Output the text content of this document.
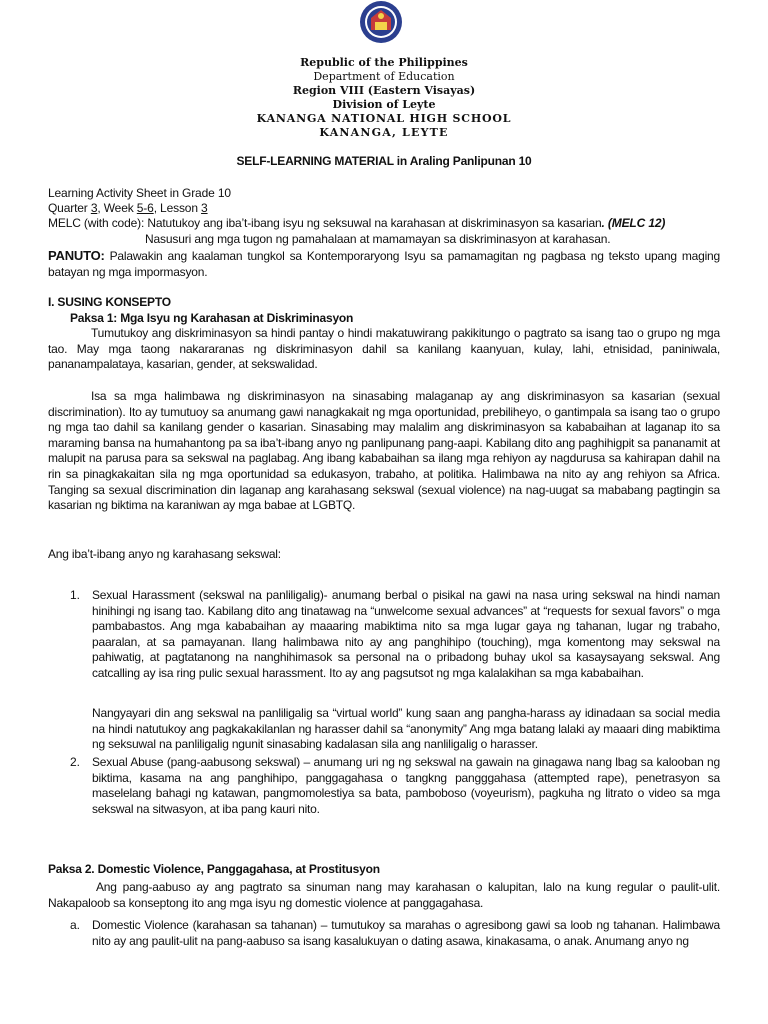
Republic of the Philippines
Department of Education
Region VIII (Eastern Visayas)
Division of Leyte
KANANGA NATIONAL HIGH SCHOOL
KANANGA, LEYTE
SELF-LEARNING MATERIAL in Araling Panlipunan 10
Learning Activity Sheet in Grade 10
Quarter 3, Week 5-6, Lesson 3
MELC (with code): Natutukoy ang iba’t-ibang isyu ng seksuwal na karahasan at diskriminasyon sa kasarian. (MELC 12)
Nasusuri ang mga tugon ng pamahalaan at mamamayan sa diskriminasyon at karahasan.
PANUTO: Palawakin ang kaalaman tungkol sa Kontemporaryong Isyu sa pamamagitan ng pagbasa ng teksto upang maging batayan ng mga impormasyon.
I. SUSING KONSEPTO
Paksa 1: Mga Isyu ng Karahasan at Diskriminasyon
Tumutukoy ang diskriminasyon sa hindi pantay o hindi makatuwirang pakikitungo o pagtrato sa isang tao o grupo ng mga tao. May mga taong nakararanas ng diskriminasyon dahil sa kanilang kaanyuan, kulay, lahi, etnisidad, paniniwala, pananampalataya, kasarian, gender, at sekswalidad.
Isa sa mga halimbawa ng diskriminasyon na sinasabing malaganap ay ang diskriminasyon sa kasarian (sexual discrimination). Ito ay tumutuoy sa anumang gawi nanagkakait ng mga oportunidad, prebiliheyo, o gantimpala sa isang tao o grupo ng mga tao dahil sa kanilang gender o kasarian. Sinasabing may malalim ang diskriminasyon sa kababaihan at laganap ito sa maraming bansa na humahantong pa sa iba’t-ibang anyo ng panlipunang pang-aapi. Kabilang dito ang paghihigpit sa pananamit at malupit na parusa para sa sekswal na paglabag. Ang ibang kababaihan sa ilang mga rehiyon ay nagdurusa sa kahirapan dahil na rin sa pinagkakaitan sila ng mga oportunidad sa edukasyon, trabaho, at politika. Halimbawa na nito ay ang rehiyon sa Africa. Tanging sa sexual discrimination din laganap ang karahasang sekswal (sexual violence) na nag-uugat sa mababang pagtingin sa kasarian ng biktima na karaniwan ay mga babae at LGBTQ.
Ang iba’t-ibang anyo ng karahasang sekswal:
1. Sexual Harassment (sekswal na panliligalig)- anumang berbal o pisikal na gawi na nasa uring sekswal na hindi naman hinihingi ng isang tao. Kabilang dito ang tinatawag na “unwelcome sexual advances” at “requests for sexual favors” o mga pambabastos. Ang mga kababaihan ay maaaring mabiktima nito sa mga lugar gaya ng tahanan, lugar ng trabaho, paaralan, at sa pamayanan. Ilang halimbawa nito ay ang panghihipo (touching), mga komentong may sekswal na pahiwatig, at pagtatanong na nanghihimasok sa personal na o pribadong buhay ukol sa kasaysayang sekswal. Ang catcalling ay isa ring pulic sexual harassment. Ito ay ang pagsutsot ng mga kalalakihan sa mga kababaihan.
Nangyayari din ang sekswal na panliligalig sa “virtual world” kung saan ang pangha-harass ay idinadaan sa social media na hindi natutukoy ang pagkakakilanlan ng harasser dahil sa “anonymity” Ang mga batang lalaki ay maaari ding mabiktima ng seksuwal na panliligalig ngunit sinasabing kadalasan sila ang nanliligalig o harasser.
2. Sexual Abuse (pang-aabusong sekswal) – anumang uri ng ng sekswal na gawain na ginagawa nang lbag sa kalooban ng biktima, kasama na ang panghihipo, panggagahasa o tangkng pangggahasa (attempted rape), penetrasyon sa maselelang bahagi ng katawan, pangmomolestiya sa bata, pamboboso (voyeurism), pagkuha ng litrato o video sa mga sekswal na sitwasyon, at iba pang kauri nito.
Paksa 2. Domestic Violence, Panggagahasa, at Prostitusyon
Ang pang-aabuso ay ang pagtrato sa sinuman nang may karahasan o kalupitan, lalo na kung regular o paulit-ulit. Nakapaloob sa konseptong ito ang mga isyu ng domestic violence at panggagahasa.
a. Domestic Violence (karahasan sa tahanan) – tumutukoy sa marahas o agresibong gawi sa loob ng tahanan. Halimbawa nito ay ang paulit-ulit na pang-aabuso sa isang kasalukuyan o dating asawa, kinakasama, o anak. Anumang anyo ng
